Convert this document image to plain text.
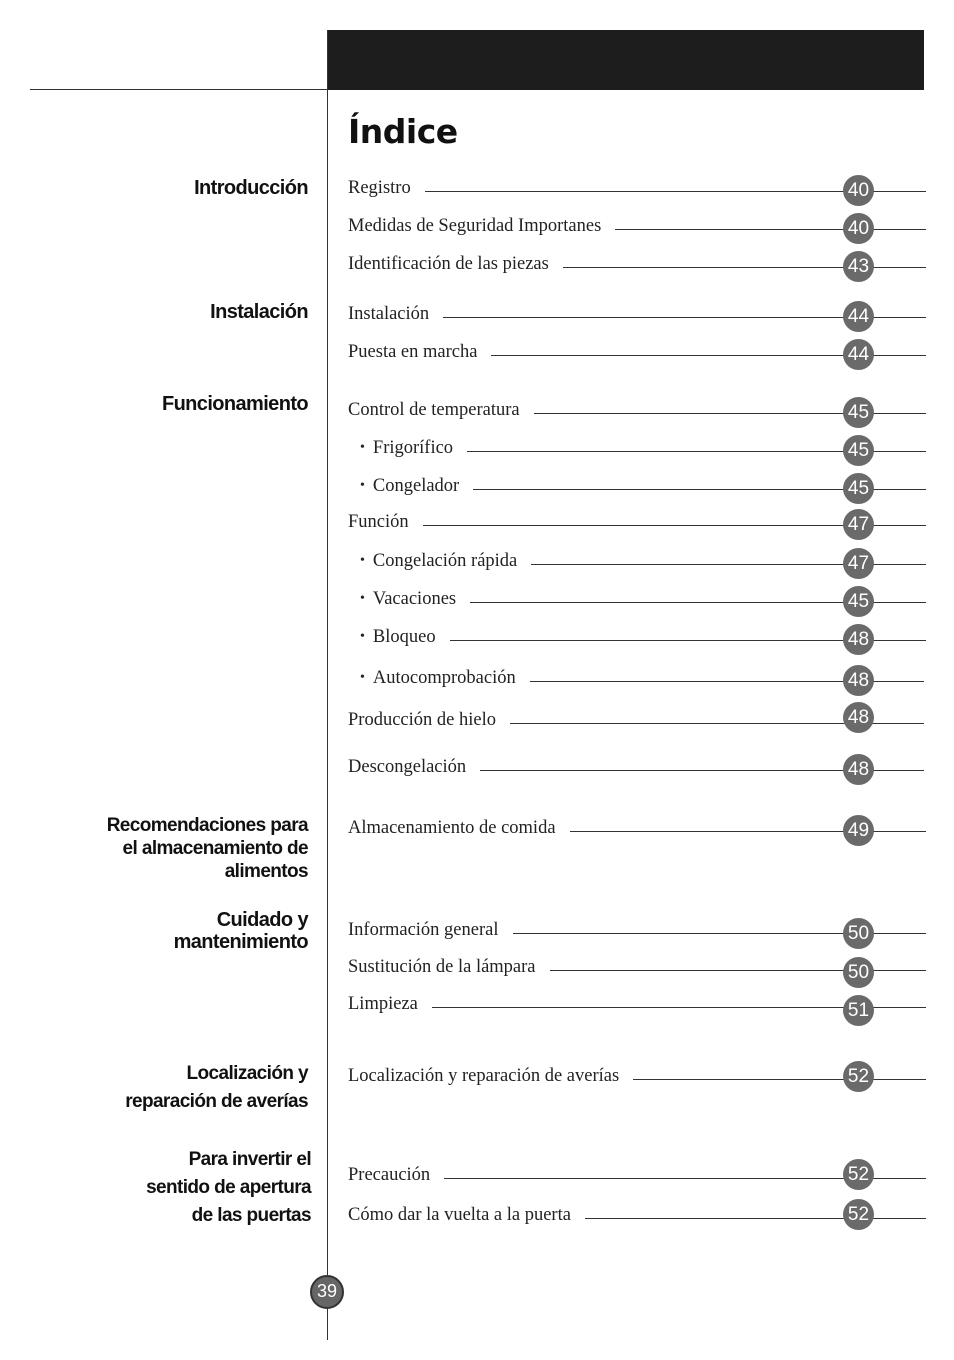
Índice
Introducción
Instalación
Funcionamiento
Recomendaciones para
el almacenamiento de
alimentos
Cuidado y
mantenimiento
Localización y
reparación de averías
Para invertir el
sentido de apertura
de las puertas
Registro	40
Medidas de Seguridad Importanes	40
Identificación de las piezas	43
Instalación	44
Puesta en marcha	44
Control de temperatura	45
• Frigorífico	45
• Congelador	45
Función	47
• Congelación rápida	47
• Vacaciones	45
• Bloqueo	48
• Autocomprobación	48
Producción de hielo	48
Descongelación	48
Almacenamiento de comida	49
Información general	50
Sustitución de la lámpara	50
Limpieza	51
Localización y reparación de averías	52
Precaución	52
Cómo dar la vuelta a la puerta	52
39
